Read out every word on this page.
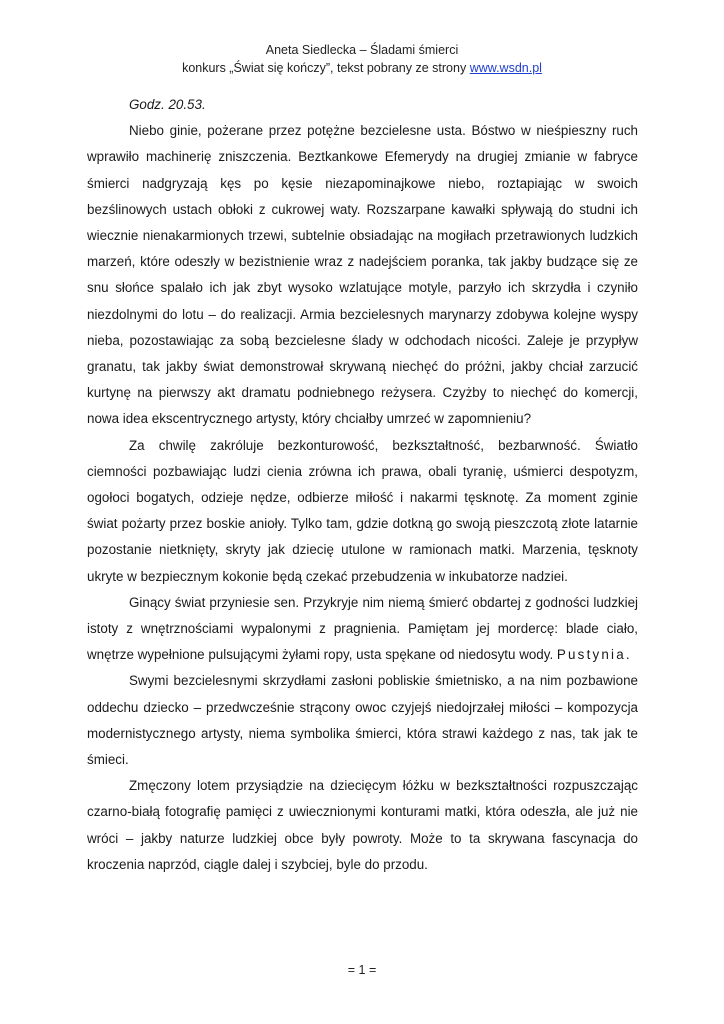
Aneta Siedlecka – Śladami śmierci
konkurs „Świat się kończy”, tekst pobrany ze strony www.wsdn.pl

Godz. 20.53.

Niebo ginie, pożerane przez potężne bezcielesne usta. Bóstwo w nieśpieszny ruch wprawiło machinerię zniszczenia. Beztkankowe Efemerydy na drugiej zmianie w fabryce śmierci nadgryzają kęs po kęsie niezapominajkowe niebo, roztapiając w swoich bezślinowych ustach obłoki z cukrowej waty. Rozszarpane kawałki spływają do studni ich wiecznie nienakarmionych trzewi, subtelnie obsiadając na mogiłach przetrawionych ludzkich marzeń, które odeszły w bezistnienie wraz z nadejściem poranka, tak jakby budzące się ze snu słońce spalało ich jak zbyt wysoko wzlatujące motyle, parzyło ich skrzydła i czyniło niezdolnymi do lotu – do realizacji. Armia bezcielesnych marynarzy zdobywa kolejne wyspy nieba, pozostawiając za sobą bezcielesne ślady w odchodach nicości. Zaleje je przypływ granatu, tak jakby świat demonstrował skrywaną niechęć do próżni, jakby chciał zarzucić kurtynę na pierwszy akt dramatu podniebnego reżysera. Czyżby to niechęć do komercji, nowa idea ekscentrycznego artysty, który chciałby umrzeć w zapomnieniu?

Za chwilę zakróluje bezkonturowość, bezkształtność, bezbarwność. Światło ciemności pozbawiając ludzi cienia zrówna ich prawa, obali tyranię, uśmierci despotyzm, ogołoci bogatych, odzieje nędze, odbierze miłość i nakarmi tęsknotę. Za moment zginie świat pożarty przez boskie anioły. Tylko tam, gdzie dotkną go swoją pieszczotą złote latarnie pozostanie nietknięty, skryty jak dziecię utulone w ramionach matki. Marzenia, tęsknoty ukryte w bezpiecznym kokonie będą czekać przebudzenia w inkubatorze nadziei.

Ginący świat przyniesie sen. Przykryje nim niemą śmierć obdartej z godności ludzkiej istoty z wnętrznościami wypalonymi z pragnienia. Pamiętam jej mordercę: blade ciało, wnętrze wypełnione pulsującymi żyłami ropy, usta spękane od niedosytu wody. Pustynia.

Swymi bezcielesnymi skrzydłami zasłoni pobliskie śmietnisko, a na nim pozbawione oddechu dziecko – przedwcześnie strącony owoc czyjejś niedojrzałej miłości – kompozycja modernistycznego artysty, niema symbolika śmierci, która strawi każdego z nas, tak jak te śmieci.

Zmęczony lotem przysiądzie na dziecięcym łóżku w bezkształtności rozpuszczając czarno-białą fotografię pamięci z uwiecznionymi konturami matki, która odeszła, ale już nie wróci – jakby naturze ludzkiej obce były powroty. Może to ta skrywana fascynacja do kroczenia naprzód, ciągle dalej i szybciej, byle do przodu.

= 1 =
